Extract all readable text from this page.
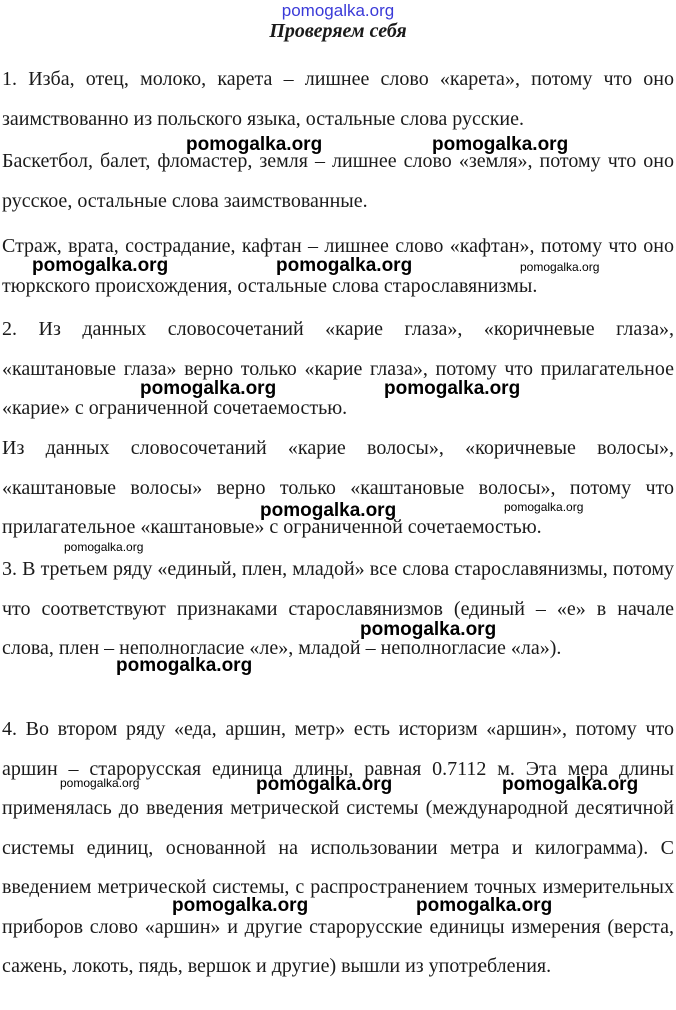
pomogalka.org
Проверяем себя

1. Изба, отец, молоко, карета – лишнее слово «карета», потому что оно заимствованно из польского языка, остальные слова русские.

Баскетбол, балет, фломастер, земля – лишнее слово «земля», потому что оно русское, остальные слова заимствованные.

Страж, врата, сострадание, кафтан – лишнее слово «кафтан», потому что оно тюркского происхождения, остальные слова старославянизмы.

2. Из данных словосочетаний «карие глаза», «коричневые глаза», «каштановые глаза» верно только «карие глаза», потому что прилагательное «карие» с ограниченной сочетаемостью.

Из данных словосочетаний «карие волосы», «коричневые волосы», «каштановые волосы» верно только «каштановые волосы», потому что прилагательное «каштановые» с ограниченной сочетаемостью.

3. В третьем ряду «единый, плен, младой» все слова старославянизмы, потому что соответствуют признаками старославянизмов (единый – «е» в начале слова, плен – неполногласие «ле», младой – неполногласие «ла»).

4. Во втором ряду «еда, аршин, метр» есть историзм «аршин», потому что аршин – старорусская единица длины, равная 0.7112 м. Эта мера длины применялась до введения метрической системы (международной десятичной системы единиц, основанной на использовании метра и килограмма). С введением метрической системы, с распространением точных измерительных приборов слово «аршин» и другие старорусские единицы измерения (верста, сажень, локоть, пядь, вершок и другие) вышли из употребления.

pomogalka.org	pomogalka.org
pomogalka.org	pomogalka.org	pomogalka.org
pomogalka.org	pomogalka.org
pomogalka.org	pomogalka.org
pomogalka.org
pomogalka.org
pomogalka.org
pomogalka.org	pomogalka.org	pomogalka.org
pomogalka.org	pomogalka.org
